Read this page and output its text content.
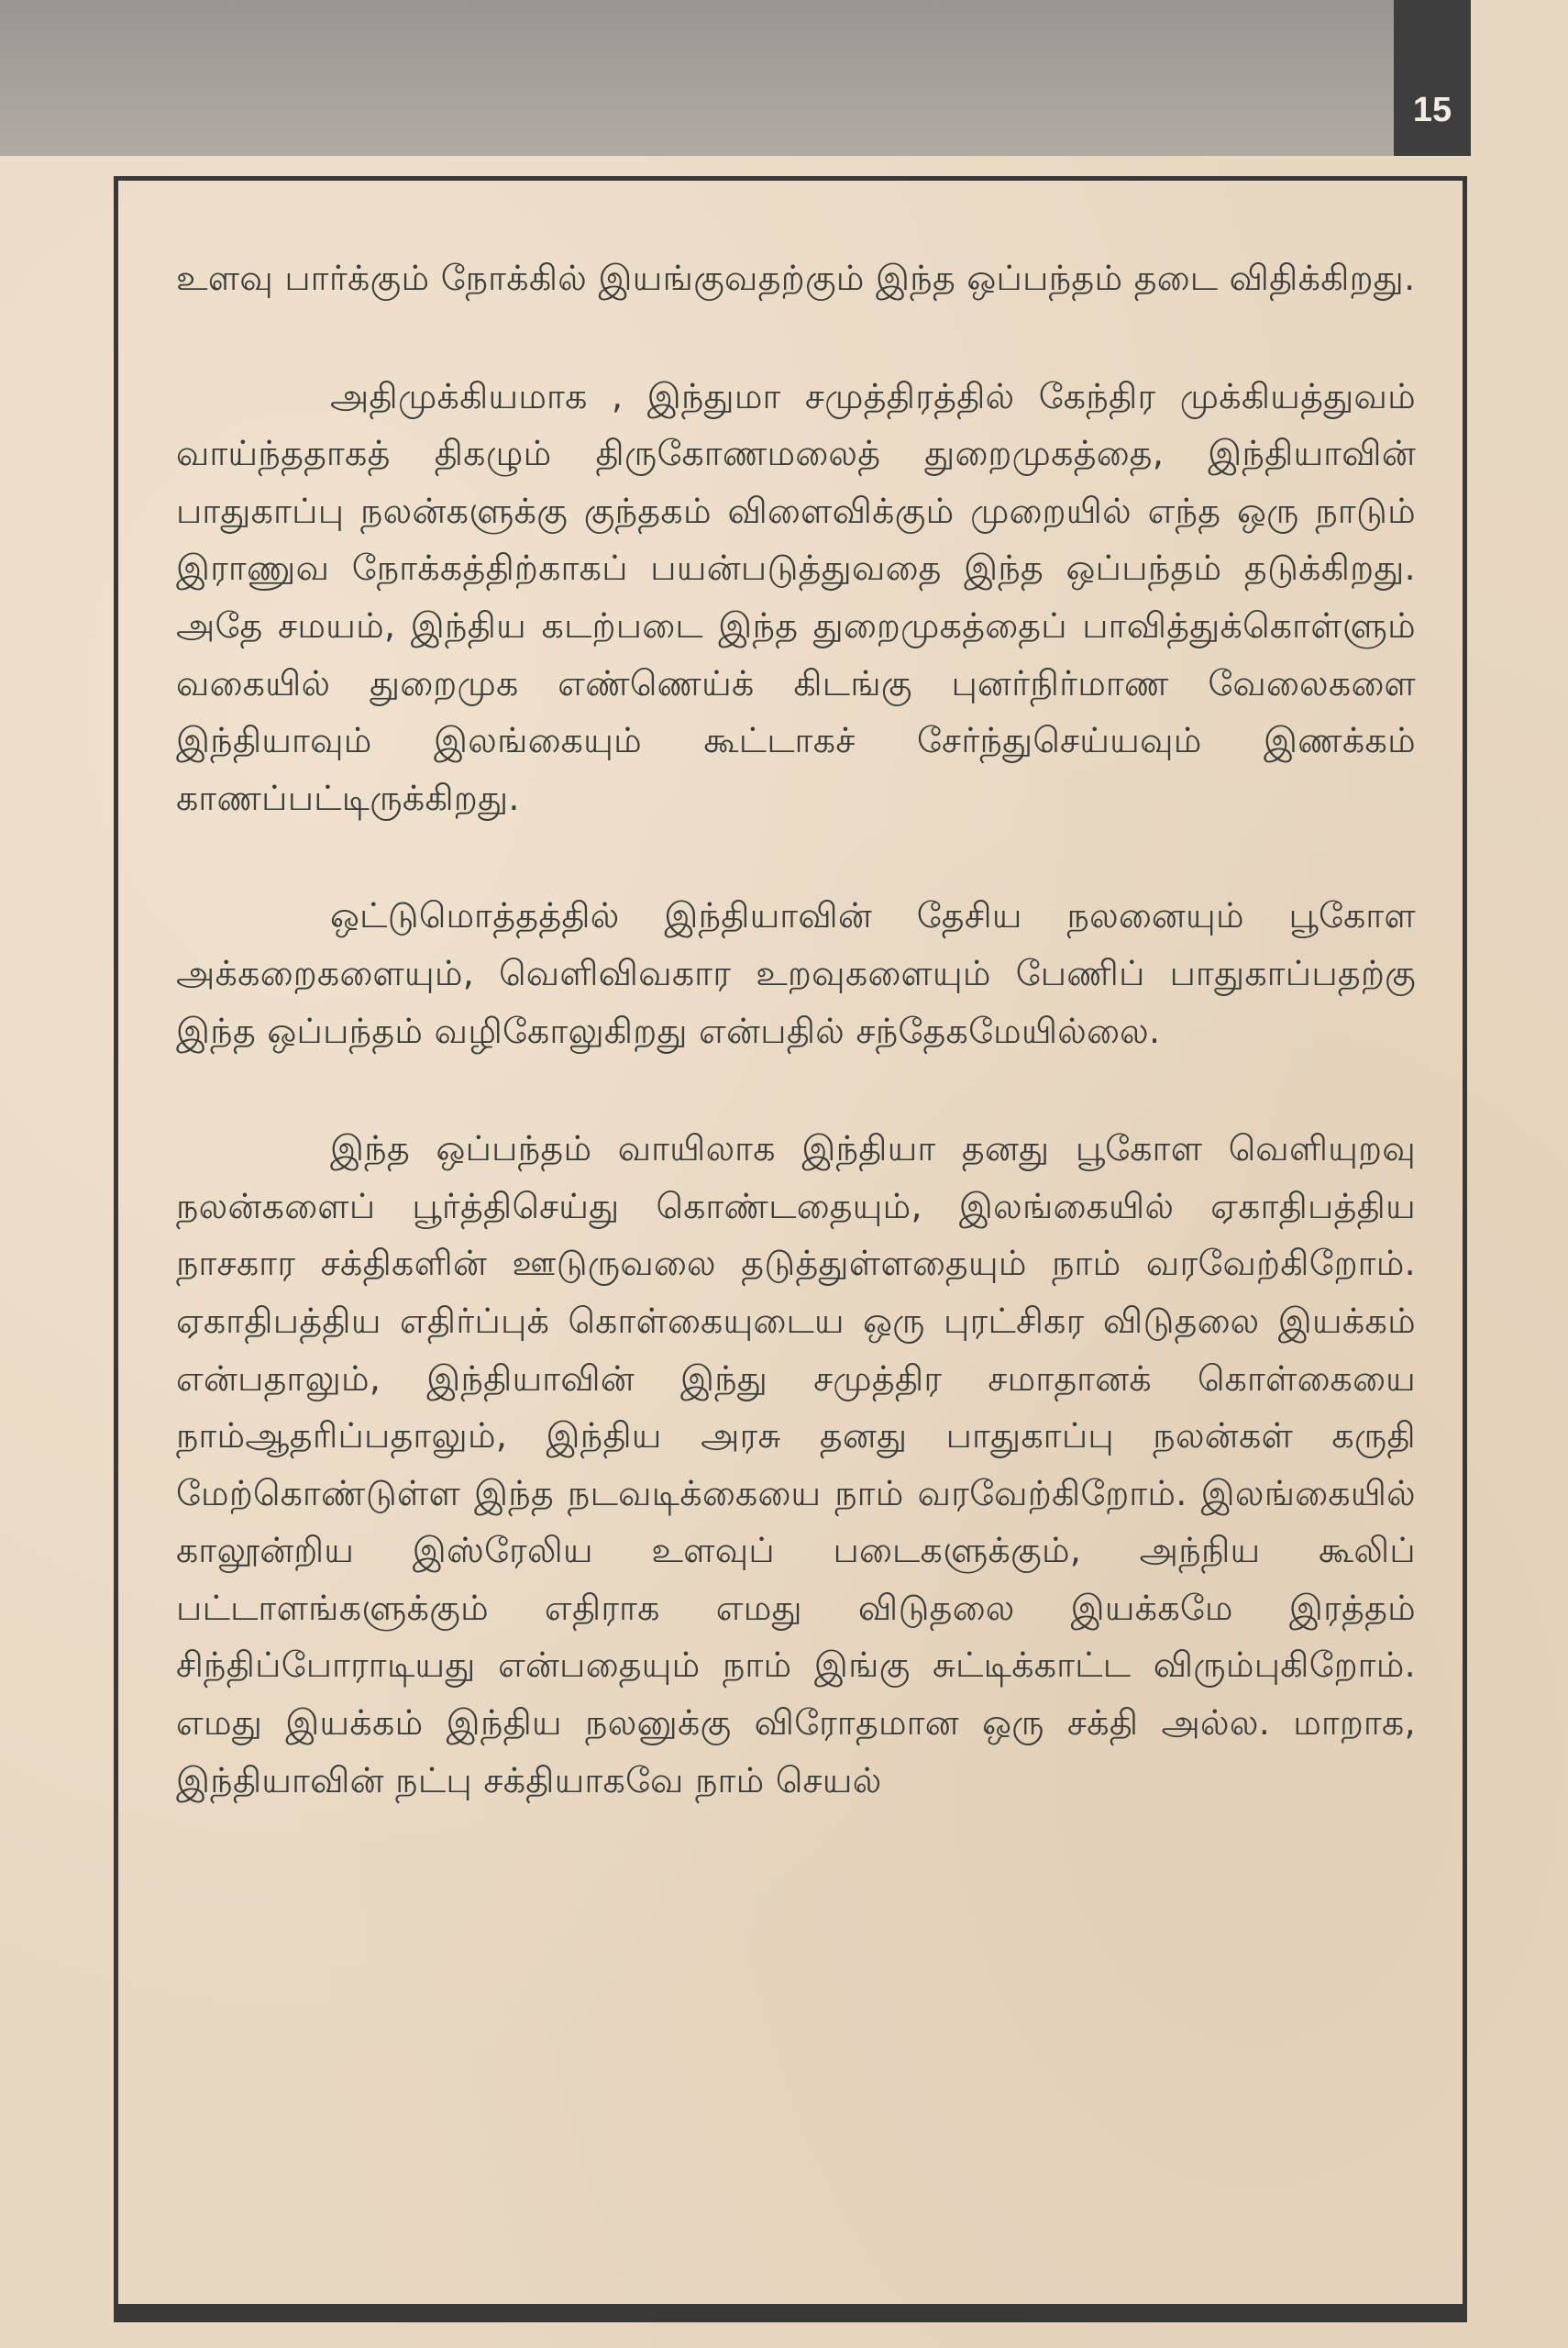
15

உளவு பார்க்கும் நோக்கில் இயங்குவதற்கும் இந்த ஒப்பந்தம் தடை விதிக்கிறது.

அதிமுக்கியமாக , இந்துமா சமுத்திரத்தில் கேந்திர முக்கியத்துவம் வாய்ந்ததாகத் திகழும் திருகோணமலைத் துறைமுகத்தை, இந்தியாவின் பாதுகாப்பு நலன்களுக்கு குந்தகம் விளைவிக்கும் முறையில் எந்த ஒரு நாடும் இராணுவ நோக்கத்திற்காகப் பயன்படுத்துவதை இந்த ஒப்பந்தம் தடுக்கிறது. அதே சமயம், இந்திய கடற்படை இந்த துறைமுகத்தைப் பாவித்துக்கொள்ளும் வகையில் துறைமுக எண்ணெய்க் கிடங்கு புனர்நிர்மாண வேலைகளை இந்தியாவும் இலங்கையும் கூட்டாகச் சேர்ந்துசெய்யவும் இணக்கம் காணப்பட்டிருக்கிறது.

ஒட்டுமொத்தத்தில் இந்தியாவின் தேசிய நலனையும் பூகோள அக்கறைகளையும், வெளிவிவகார உறவுகளையும் பேணிப் பாதுகாப்பதற்கு இந்த ஒப்பந்தம் வழிகோலுகிறது என்பதில் சந்தேகமேயில்லை.

இந்த ஒப்பந்தம் வாயிலாக இந்தியா தனது பூகோள வெளியுறவு நலன்களைப் பூர்த்திசெய்து கொண்டதையும், இலங்கையில் ஏகாதிபத்திய நாசகார சக்திகளின் ஊடுருவலை தடுத்துள்ளதையும் நாம் வரவேற்கிறோம். ஏகாதிபத்திய எதிர்ப்புக் கொள்கையுடைய ஒரு புரட்சிகர விடுதலை இயக்கம் என்பதாலும், இந்தியாவின் இந்து சமுத்திர சமாதானக் கொள்கையை நாம்ஆதரிப்பதாலும், இந்திய அரசு தனது பாதுகாப்பு நலன்கள் கருதி மேற்கொண்டுள்ள இந்த நடவடிக்கையை நாம் வரவேற்கிறோம். இலங்கையில் காலூன்றிய இஸ்ரேலிய உளவுப் படைகளுக்கும், அந்நிய கூலிப் பட்டாளங்களுக்கும் எதிராக எமது விடுதலை இயக்கமே இரத்தம் சிந்திப்போராடியது என்பதையும் நாம் இங்கு சுட்டிக்காட்ட விரும்புகிறோம். எமது இயக்கம் இந்திய நலனுக்கு விரோதமான ஒரு சக்தி அல்ல. மாறாக, இந்தியாவின் நட்பு சக்தியாகவே நாம் செயல்
